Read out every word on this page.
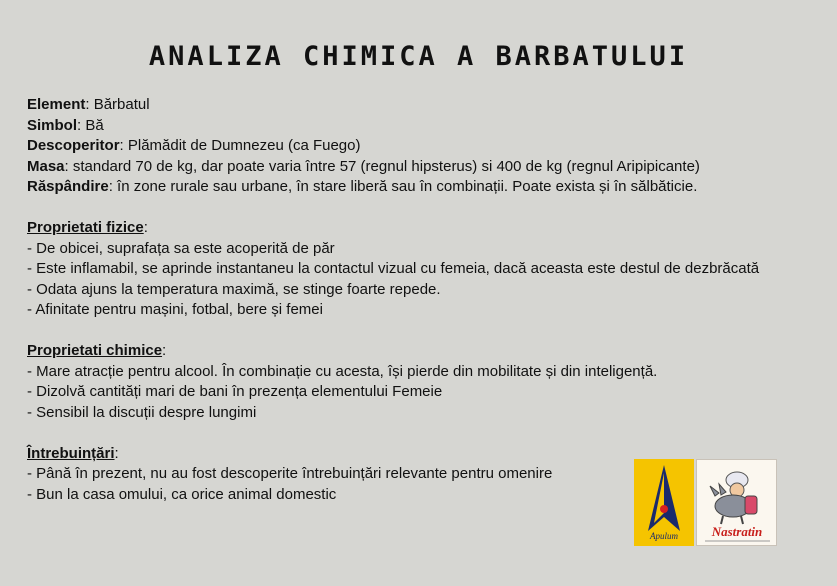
ANALIZA CHIMICA A BARBATULUI
Element: Bărbatul
Simbol: Bă
Descoperitor: Plămădit de Dumnezeu (ca Fuego)
Masa: standard 70 de kg, dar poate varia între 57 (regnul hipsterus) si 400 de kg (regnul Aripipicante)
Răspândire: în zone rurale sau urbane, în stare liberă sau în combinații. Poate exista și în sălbăticie.
Proprietati fizice:
- De obicei, suprafața sa este acoperită de păr
- Este inflamabil, se aprinde instantaneu la contactul vizual cu femeia, dacă aceasta este destul de dezbrăcată
- Odata ajuns la temperatura maximă, se stinge foarte repede.
- Afinitate pentru mașini, fotbal, bere și femei
Proprietati chimice:
- Mare atracție pentru alcool. În combinație cu acesta, își pierde din mobilitate și din inteligență.
- Dizolvă cantități mari de bani în prezența elementului Femeie
- Sensibil la discuții despre lungimi
Întrebuințări:
- Până în prezent, nu au fost descoperite întrebuințări relevante pentru omenire
- Bun la casa omului, ca orice animal domestic
Apulum	Nastratin
